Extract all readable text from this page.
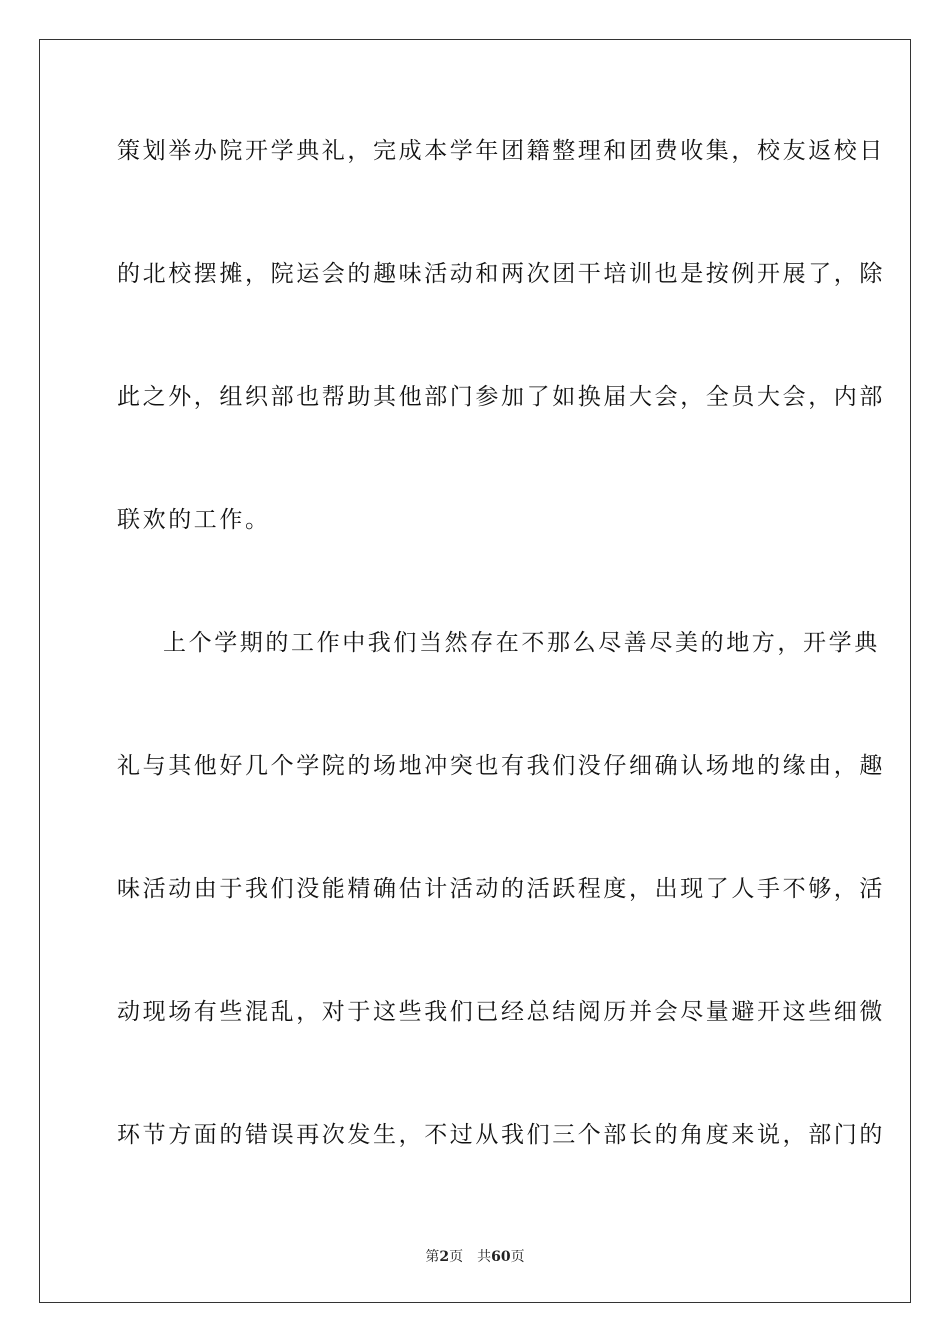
策划举办院开学典礼，完成本学年团籍整理和团费收集，校友返校日
的北校摆摊，院运会的趣味活动和两次团干培训也是按例开展了，除
此之外，组织部也帮助其他部门参加了如换届大会，全员大会，内部
联欢的工作。
上个学期的工作中我们当然存在不那么尽善尽美的地方，开学典
礼与其他好几个学院的场地冲突也有我们没仔细确认场地的缘由，趣
味活动由于我们没能精确估计活动的活跃程度，出现了人手不够，活
动现场有些混乱，对于这些我们已经总结阅历并会尽量避开这些细微
环节方面的错误再次发生，不过从我们三个部长的角度来说，部门的
第2页 共60页
